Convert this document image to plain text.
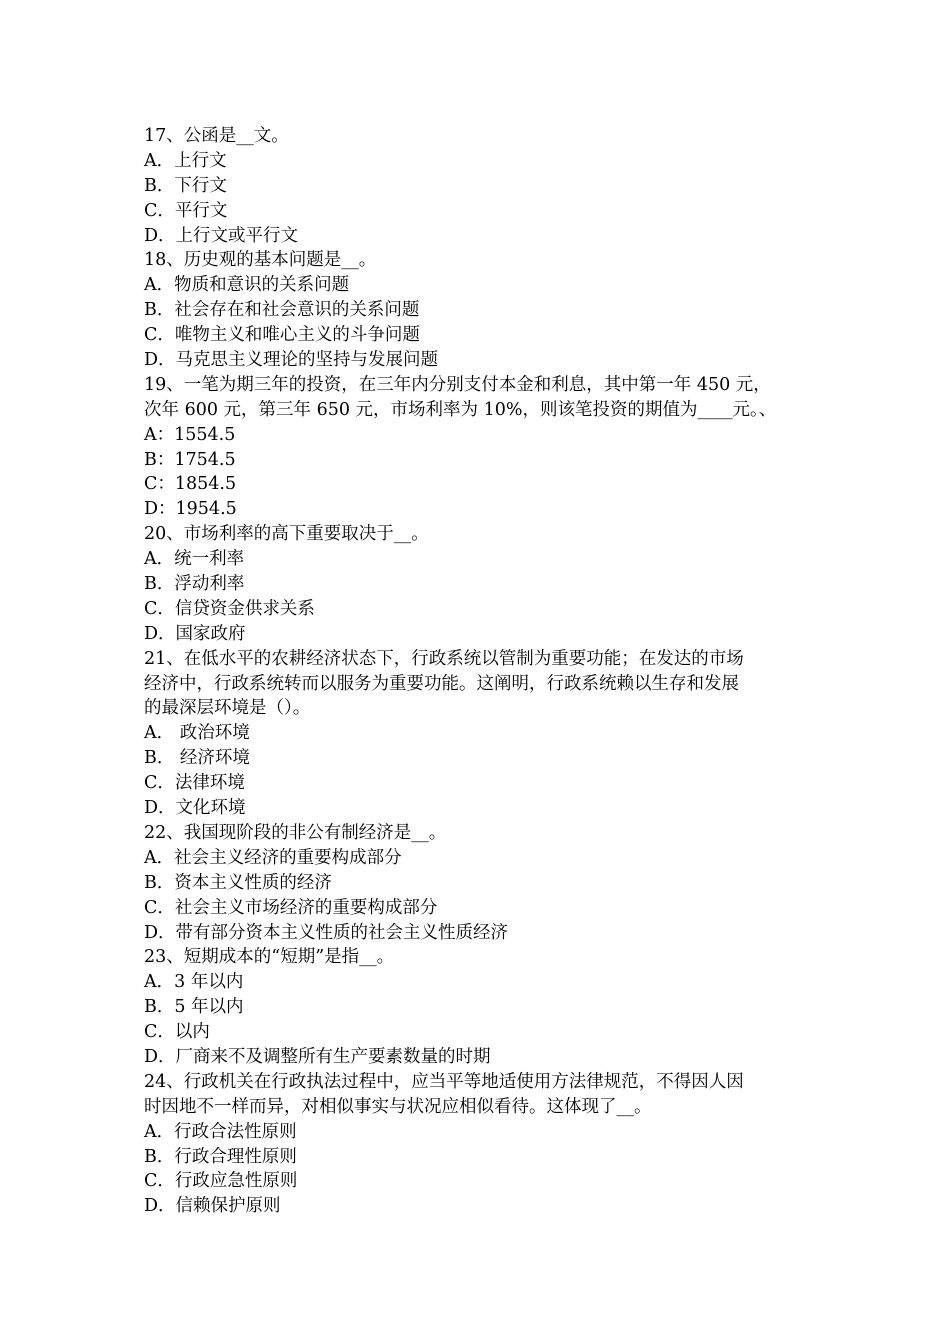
17、公函是__文。
A．上行文
B．下行文
C．平行文
D．上行文或平行文
18、历史观的基本问题是__。
A．物质和意识的关系问题
B．社会存在和社会意识的关系问题
C．唯物主义和唯心主义的斗争问题
D．马克思主义理论的坚持与发展问题
19、一笔为期三年的投资，在三年内分别支付本金和利息，其中第一年 450 元，
次年 600 元，第三年 650 元，市场利率为 10%，则该笔投资的期值为____元。、
A：1554.5
B：1754.5
C：1854.5
D：1954.5
20、市场利率的高下重要取决于__。
A．统一利率
B．浮动利率
C．信贷资金供求关系
D．国家政府
21、在低水平的农耕经济状态下，行政系统以管制为重要功能；在发达的市场
经济中，行政系统转而以服务为重要功能。这阐明，行政系统赖以生存和发展
的最深层环境是（）。
A． 政治环境
B． 经济环境
C．法律环境
D．文化环境
22、我国现阶段的非公有制经济是__。
A．社会主义经济的重要构成部分
B．资本主义性质的经济
C．社会主义市场经济的重要构成部分
D．带有部分资本主义性质的社会主义性质经济
23、短期成本的“短期”是指__。
A．3 年以内
B．5 年以内
C．以内
D．厂商来不及调整所有生产要素数量的时期
24、行政机关在行政执法过程中，应当平等地适使用方法律规范，不得因人因
时因地不一样而异，对相似事实与状况应相似看待。这体现了__。
A．行政合法性原则
B．行政合理性原则
C．行政应急性原则
D．信赖保护原则
